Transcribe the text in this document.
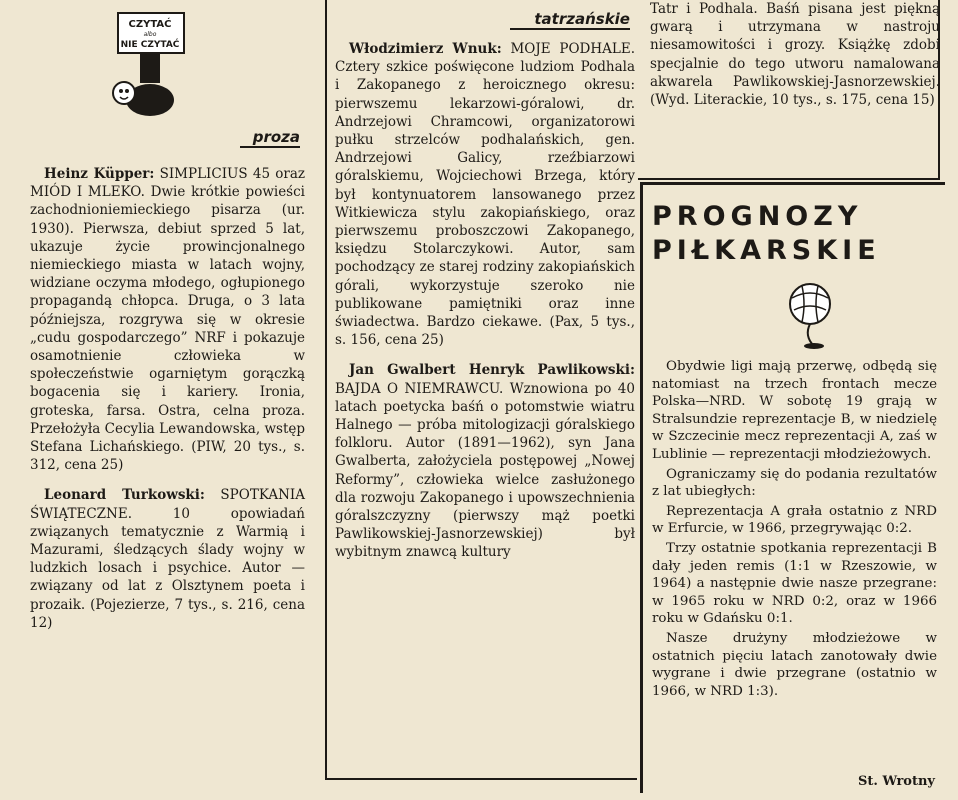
CZYTAĆ
albo
NIE CZYTAĆ
proza

Heinz Küpper: SIMPLICIUS 45 oraz MIÓD I MLEKO. Dwie krótkie powieści zachodnioniemieckiego pisarza (ur. 1930). Pierwsza, debiut sprzed 5 lat, ukazuje życie prowincjonalnego niemieckiego miasta w latach wojny, widziane oczyma młodego, ogłupionego propagandą chłopca. Druga, o 3 lata późniejsza, rozgrywa się w okresie „cudu gospodarczego” NRF i pokazuje osamotnienie człowieka w społeczeństwie ogarniętym gorączką bogacenia się i kariery. Ironia, groteska, farsa. Ostra, celna proza. Przełożyła Cecylia Lewandowska, wstęp Stefana Lichańskiego. (PIW, 20 tys., s. 312, cena 25)

Leonard Turkowski: SPOTKANIA ŚWIĄTECZNE. 10 opowiadań związanych tematycznie z Warmią i Mazurami, śledzących ślady wojny w ludzkich losach i psychice. Autor — związany od lat z Olsztynem poeta i prozaik. (Pojezierze, 7 tys., s. 216, cena 12)

tatrzańskie

Włodzimierz Wnuk: MOJE PODHALE. Cztery szkice poświęcone ludziom Podhala i Zakopanego z heroicznego okresu: pierwszemu lekarzowi-góralowi, dr. Andrzejowi Chramcowi, organizatorowi pułku strzelców podhalańskich, gen. Andrzejowi Galicy, rzeźbiarzowi góralskiemu, Wojciechowi Brzega, który był kontynuatorem lansowanego przez Witkiewicza stylu zakopiańskiego, oraz pierwszemu proboszczowi Zakopanego, księdzu Stolarczykowi. Autor, sam pochodzący ze starej rodziny zakopiańskich górali, wykorzystuje szeroko nie publikowane pamiętniki oraz inne świadectwa. Bardzo ciekawe. (Pax, 5 tys., s. 156, cena 25)

Jan Gwalbert Henryk Pawlikowski: BAJDA O NIEMRAWCU. Wznowiona po 40 latach poetycka baśń o potomstwie wiatru Halnego — próba mitologizacji góralskiego folkloru. Autor (1891—1962), syn Jana Gwalberta, założyciela postępowej „Nowej Reformy”, człowieka wielce zasłużonego dla rozwoju Zakopanego i upowszechnienia góralszczyzny (pierwszy mąż poetki Pawlikowskiej-Jasnorzewskiej) był wybitnym znawcą kultury

Tatr i Podhala. Baśń pisana jest piękną gwarą i utrzymana w nastroju niesamowitości i grozy. Książkę zdobi specjalnie do tego utworu namalowana akwarela Pawlikowskiej-Jasnorzewskiej. (Wyd. Literackie, 10 tys., s. 175, cena 15)

PROGNOZY
PIŁKARSKIE

Obydwie ligi mają przerwę, odbędą się natomiast na trzech frontach mecze Polska—NRD. W sobotę 19 grają w Stralsundzie reprezentacje B, w niedzielę w Szczecinie mecz reprezentacji A, zaś w Lublinie — reprezentacji młodzieżowych.

Ograniczamy się do podania rezultatów z lat ubiegłych:

Reprezentacja A grała ostatnio z NRD w Erfurcie, w 1966, przegrywając 0:2.

Trzy ostatnie spotkania reprezentacji B dały jeden remis (1:1 w Rzeszowie, w 1964) a następnie dwie nasze przegrane: w 1965 roku w NRD 0:2, oraz w 1966 roku w Gdańsku 0:1.

Nasze drużyny młodzieżowe w ostatnich pięciu latach zanotowały dwie wygrane i dwie przegrane (ostatnio w 1966, w NRD 1:3).

St. Wrotny
